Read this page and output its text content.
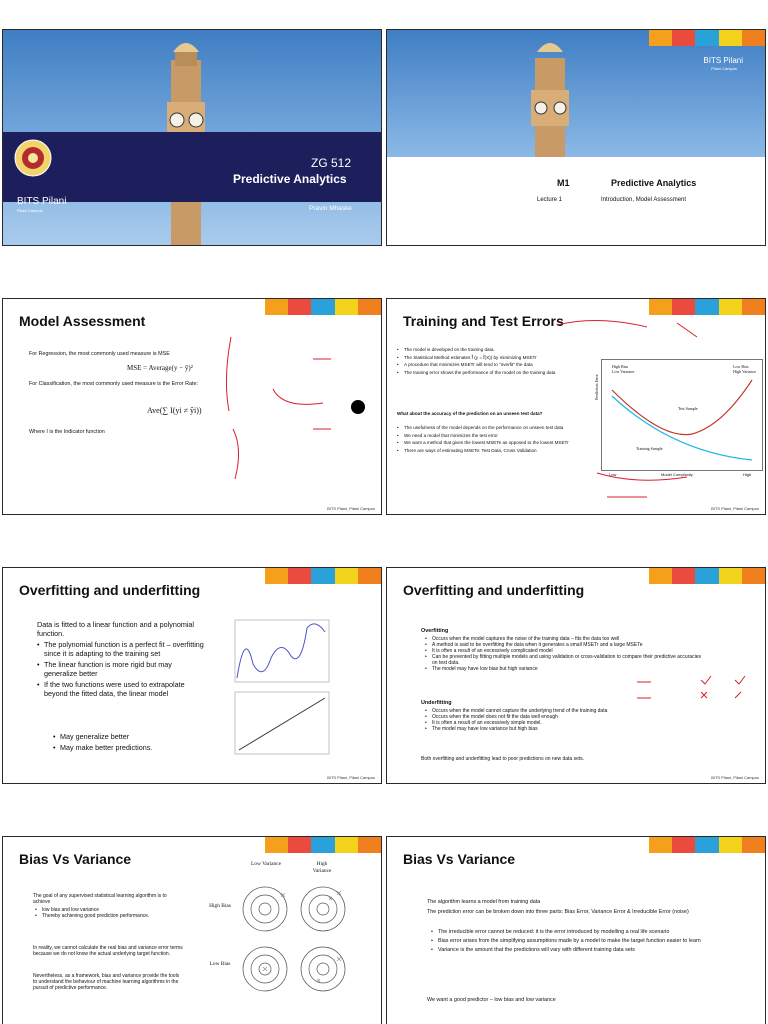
BITS Pilani
Pilani Campus
ZG 512
Predictive Analytics
Pravin Mhaske
BITS Pilani
Pilani Campus
M1	Predictive Analytics
Lecture 1	Introduction, Model Assessment
Model Assessment
For Regression, the most commonly used measure is MSE
MSE = Average(y − ŷ)²
For Classification, the most commonly used measure is the Error Rate:
Ave(∑ I(yi ≠ ŷi))
Where I is the Indicator function
BITS Pilani, Pilani Campus
Training and Test Errors
• The model is developed on the training data.
• The Statistical Method estimates f̂ (y = f̂(X)) by minimizing MSETr
• A procedure that minimizes MSETr will tend to "overfit" the data
• The training error shows the performance of the model on the training data
What about the accuracy of the prediction on an unseen test data?
• The usefulness of the model depends on the performance on unseen test data
• We need a model that minimizes the test error
• We want a method that gives the lowest MSETe as opposed to the lowest MSETr
• There are ways of estimating MSETe: Test Data, Cross Validation
Prediction Error
High Bias
Low Variance
Low Bias
High Variance
Test Sample
Training Sample
Low	Model Complexity	High
BITS Pilani, Pilani Campus
Overfitting and underfitting
Data is fitted to a linear function and a polynomial function.
• The polynomial function is a perfect fit – overfitting since it is adapting to the training set
• The linear function is more rigid but may generalize better
• If the two functions were used to extrapolate beyond the fitted data, the linear model
• May generalize better
• May make better predictions.
BITS Pilani, Pilani Campus
Overfitting and underfitting
Overfitting
• Occurs when the model captures the noise of the training data – fits the data too well
• A method is said to be overfitting the data when it generates a small MSETr and a large MSETe
• It is often a result of an excessively complicated model
• Can be prevented by fitting multiple models and using validation or cross-validation to compare their predictive accuracies on test data.
• The model may have low bias but high variance
Underfitting
• Occurs when the model cannot capture the underlying trend of the training data
• Occurs when the model does not fit the data well enough
• It is often a result of an excessively simple model.
• The model may have low variance but high bias
Both overfitting and underfitting lead to poor predictions on new data sets.
BITS Pilani, Pilani Campus
Bias Vs Variance
The goal of any supervised statistical learning algorithm is to achieve
• low bias and low variance
• Thereby achieving good prediction performance.
In reality, we cannot calculate the real bias and variance error terms because we do not know the actual underlying target function.
Nevertheless, as a framework, bias and variance provide the tools to understand the behaviour of machine learning algorithms in the pursuit of predictive performance.
Low Variance	High Variance
High Bias
Low Bias
Bias Vs Variance
The algorithm learns a model from training data
The prediction error can be broken down into three parts: Bias Error, Variance Error & Irreducible Error (noise)
• The irreducible error cannot be reduced: it is the error introduced by modelling a real life scenario
• Bias error arises from the simplifying assumptions made by a model to make the target function easier to learn
• Variance is the amount that the predictions will vary with different training data sets
We want a good predictor – low bias and low variance
